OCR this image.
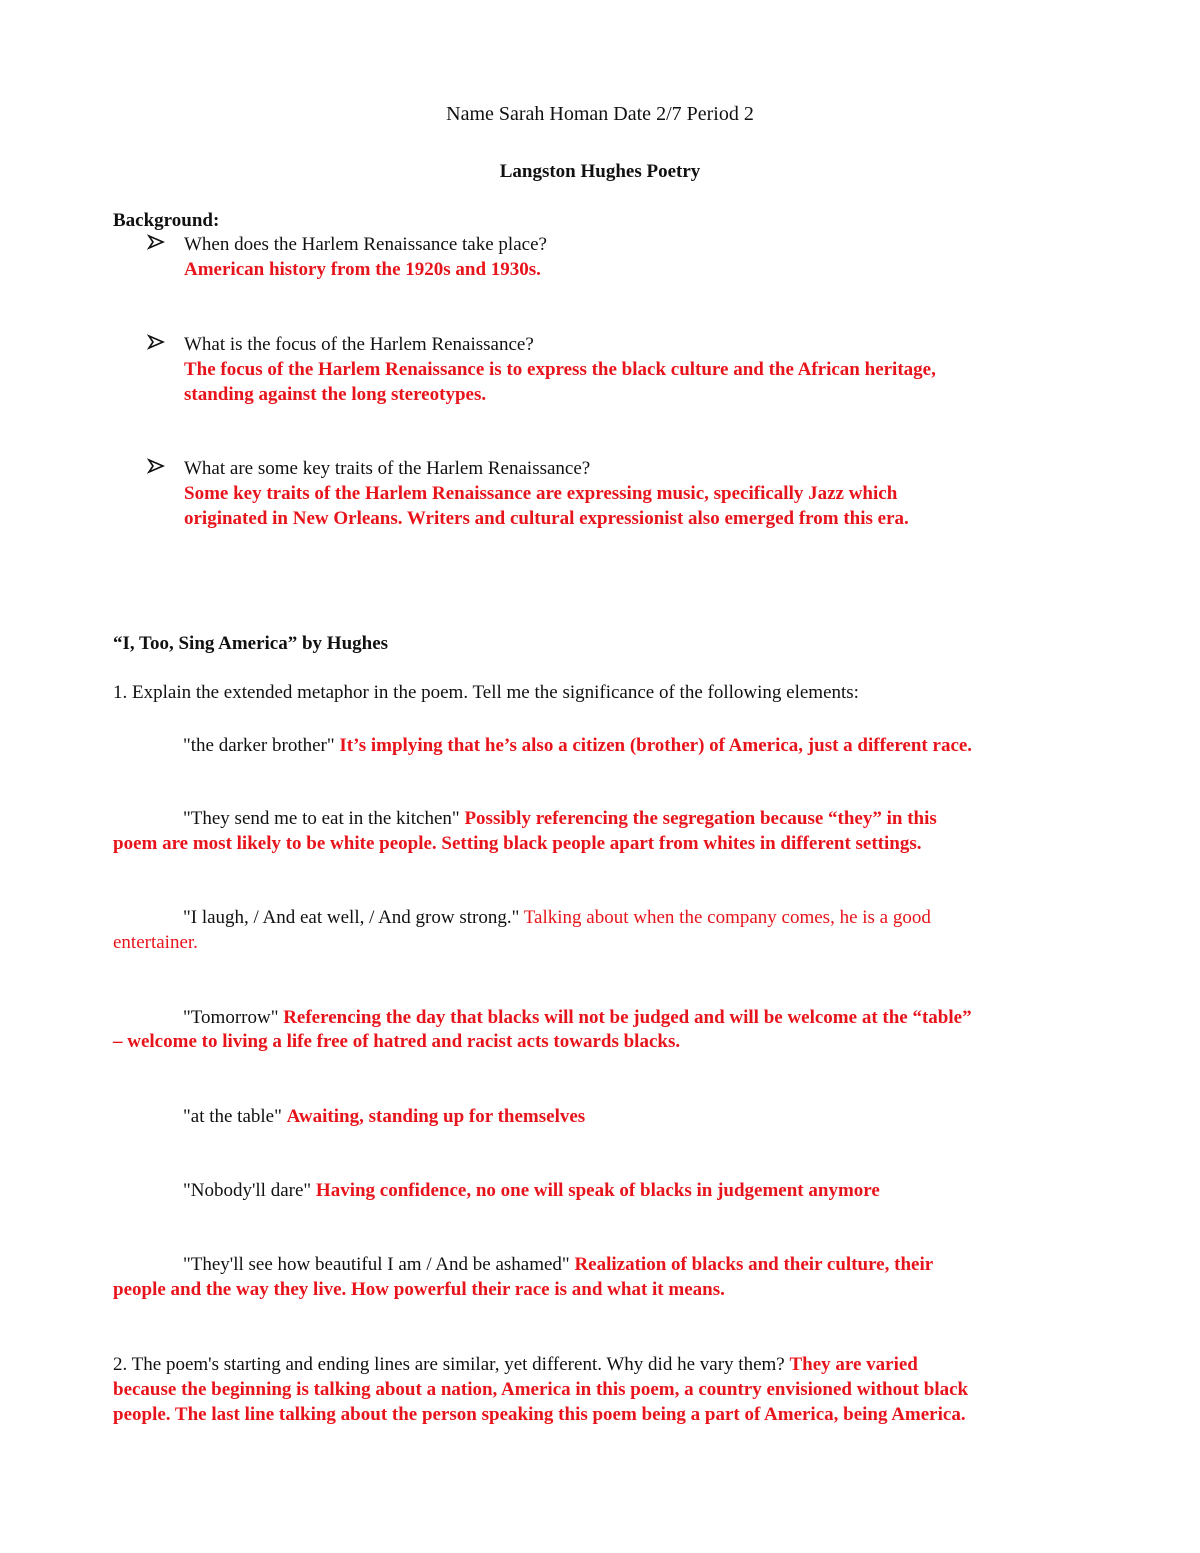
Name Sarah Homan Date 2/7 Period 2
Langston Hughes Poetry
Background:
When does the Harlem Renaissance take place?
American history from the 1920s and 1930s.
What is the focus of the Harlem Renaissance?
The focus of the Harlem Renaissance is to express the black culture and the African heritage,
standing against the long stereotypes.
What are some key traits of the Harlem Renaissance?
Some key traits of the Harlem Renaissance are expressing music, specifically Jazz which
originated in New Orleans. Writers and cultural expressionist also emerged from this era.
“I, Too, Sing America” by Hughes
1. Explain the extended metaphor in the poem. Tell me the significance of the following elements:
"the darker brother" It’s implying that he’s also a citizen (brother) of America, just a different race.
"They send me to eat in the kitchen" Possibly referencing the segregation because “they” in this
poem are most likely to be white people. Setting black people apart from whites in different settings.
"I laugh, / And eat well, / And grow strong." Talking about when the company comes, he is a good
entertainer.
"Tomorrow" Referencing the day that blacks will not be judged and will be welcome at the “table”
– welcome to living a life free of hatred and racist acts towards blacks.
"at the table" Awaiting, standing up for themselves
"Nobody'll dare" Having confidence, no one will speak of blacks in judgement anymore
"They'll see how beautiful I am / And be ashamed" Realization of blacks and their culture, their
people and the way they live. How powerful their race is and what it means.
2. The poem's starting and ending lines are similar, yet different. Why did he vary them? They are varied
because the beginning is talking about a nation, America in this poem, a country envisioned without black
people. The last line talking about the person speaking this poem being a part of America, being America.
